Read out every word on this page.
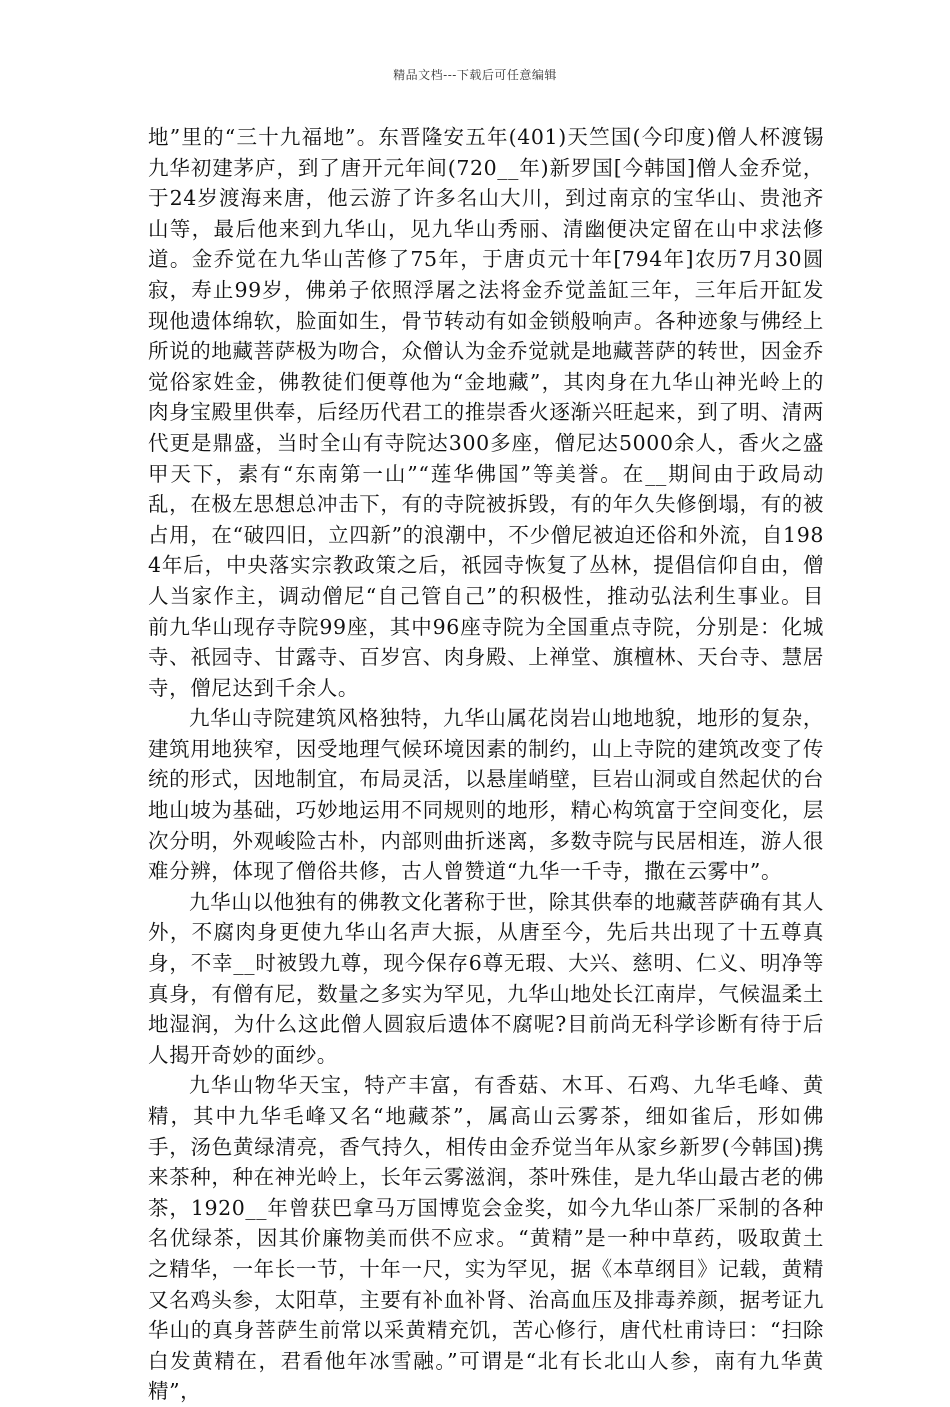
精品文档---下载后可任意编辑

地”里的“三十九福地”。东晋隆安五年(401)天竺国(今印度)僧人杯渡锡九华初建茅庐，到了唐开元年间(720__年)新罗国[今韩国]僧人金乔觉，于24岁渡海来唐，他云游了许多名山大川，到过南京的宝华山、贵池齐山等，最后他来到九华山，见九华山秀丽、清幽便决定留在山中求法修道。金乔觉在九华山苦修了75年，于唐贞元十年[794年]农历7月30圆寂，寿止99岁，佛弟子依照浮屠之法将金乔觉盖缸三年，三年后开缸发现他遗体绵软，脸面如生，骨节转动有如金锁般响声。各种迹象与佛经上所说的地藏菩萨极为吻合，众僧认为金乔觉就是地藏菩萨的转世，因金乔觉俗家姓金，佛教徒们便尊他为“金地藏”，其肉身在九华山神光岭上的肉身宝殿里供奉，后经历代君工的推崇香火逐渐兴旺起来，到了明、清两代更是鼎盛，当时全山有寺院达300多座，僧尼达5000余人，香火之盛甲天下，素有“东南第一山”“莲华佛国”等美誉。在__期间由于政局动乱，在极左思想总冲击下，有的寺院被拆毁，有的年久失修倒塌，有的被占用，在“破四旧，立四新”的浪潮中，不少僧尼被迫还俗和外流，自1984年后，中央落实宗教政策之后，祇园寺恢复了丛林，提倡信仰自由，僧人当家作主，调动僧尼“自己管自己”的积极性，推动弘法利生事业。目前九华山现存寺院99座，其中96座寺院为全国重点寺院，分别是：化城寺、祇园寺、甘露寺、百岁宫、肉身殿、上禅堂、旗檀林、天台寺、慧居寺，僧尼达到千余人。

九华山寺院建筑风格独特，九华山属花岗岩山地地貌，地形的复杂，建筑用地狭窄，因受地理气候环境因素的制约，山上寺院的建筑改变了传统的形式，因地制宜，布局灵活，以悬崖峭壁，巨岩山洞或自然起伏的台地山坡为基础，巧妙地运用不同规则的地形，精心构筑富于空间变化，层次分明，外观峻险古朴，内部则曲折迷离，多数寺院与民居相连，游人很难分辨，体现了僧俗共修，古人曾赞道“九华一千寺，撒在云雾中”。

九华山以他独有的佛教文化著称于世，除其供奉的地藏菩萨确有其人外，不腐肉身更使九华山名声大振，从唐至今，先后共出现了十五尊真身，不幸__时被毁九尊，现今保存6尊无瑕、大兴、慈明、仁义、明净等真身，有僧有尼，数量之多实为罕见，九华山地处长江南岸，气候温柔土地湿润，为什么这此僧人圆寂后遗体不腐呢?目前尚无科学诊断有待于后人揭开奇妙的面纱。

九华山物华天宝，特产丰富，有香菇、木耳、石鸡、九华毛峰、黄精，其中九华毛峰又名“地藏茶”，属高山云雾茶，细如雀后，形如佛手，汤色黄绿清亮，香气持久，相传由金乔觉当年从家乡新罗(今韩国)携来茶种，种在神光岭上，长年云雾滋润，茶叶殊佳，是九华山最古老的佛茶，1920__年曾获巴拿马万国博览会金奖，如今九华山茶厂采制的各种名优绿茶，因其价廉物美而供不应求。“黄精”是一种中草药，吸取黄土之精华，一年长一节，十年一尺，实为罕见，据《本草纲目》记载，黄精又名鸡头参，太阳草，主要有补血补肾、治高血压及排毒养颜，据考证九华山的真身菩萨生前常以采黄精充饥，苦心修行，唐代杜甫诗曰：“扫除白发黄精在，君看他年冰雪融。”可谓是“北有长北山人参，南有九华黄精”，
